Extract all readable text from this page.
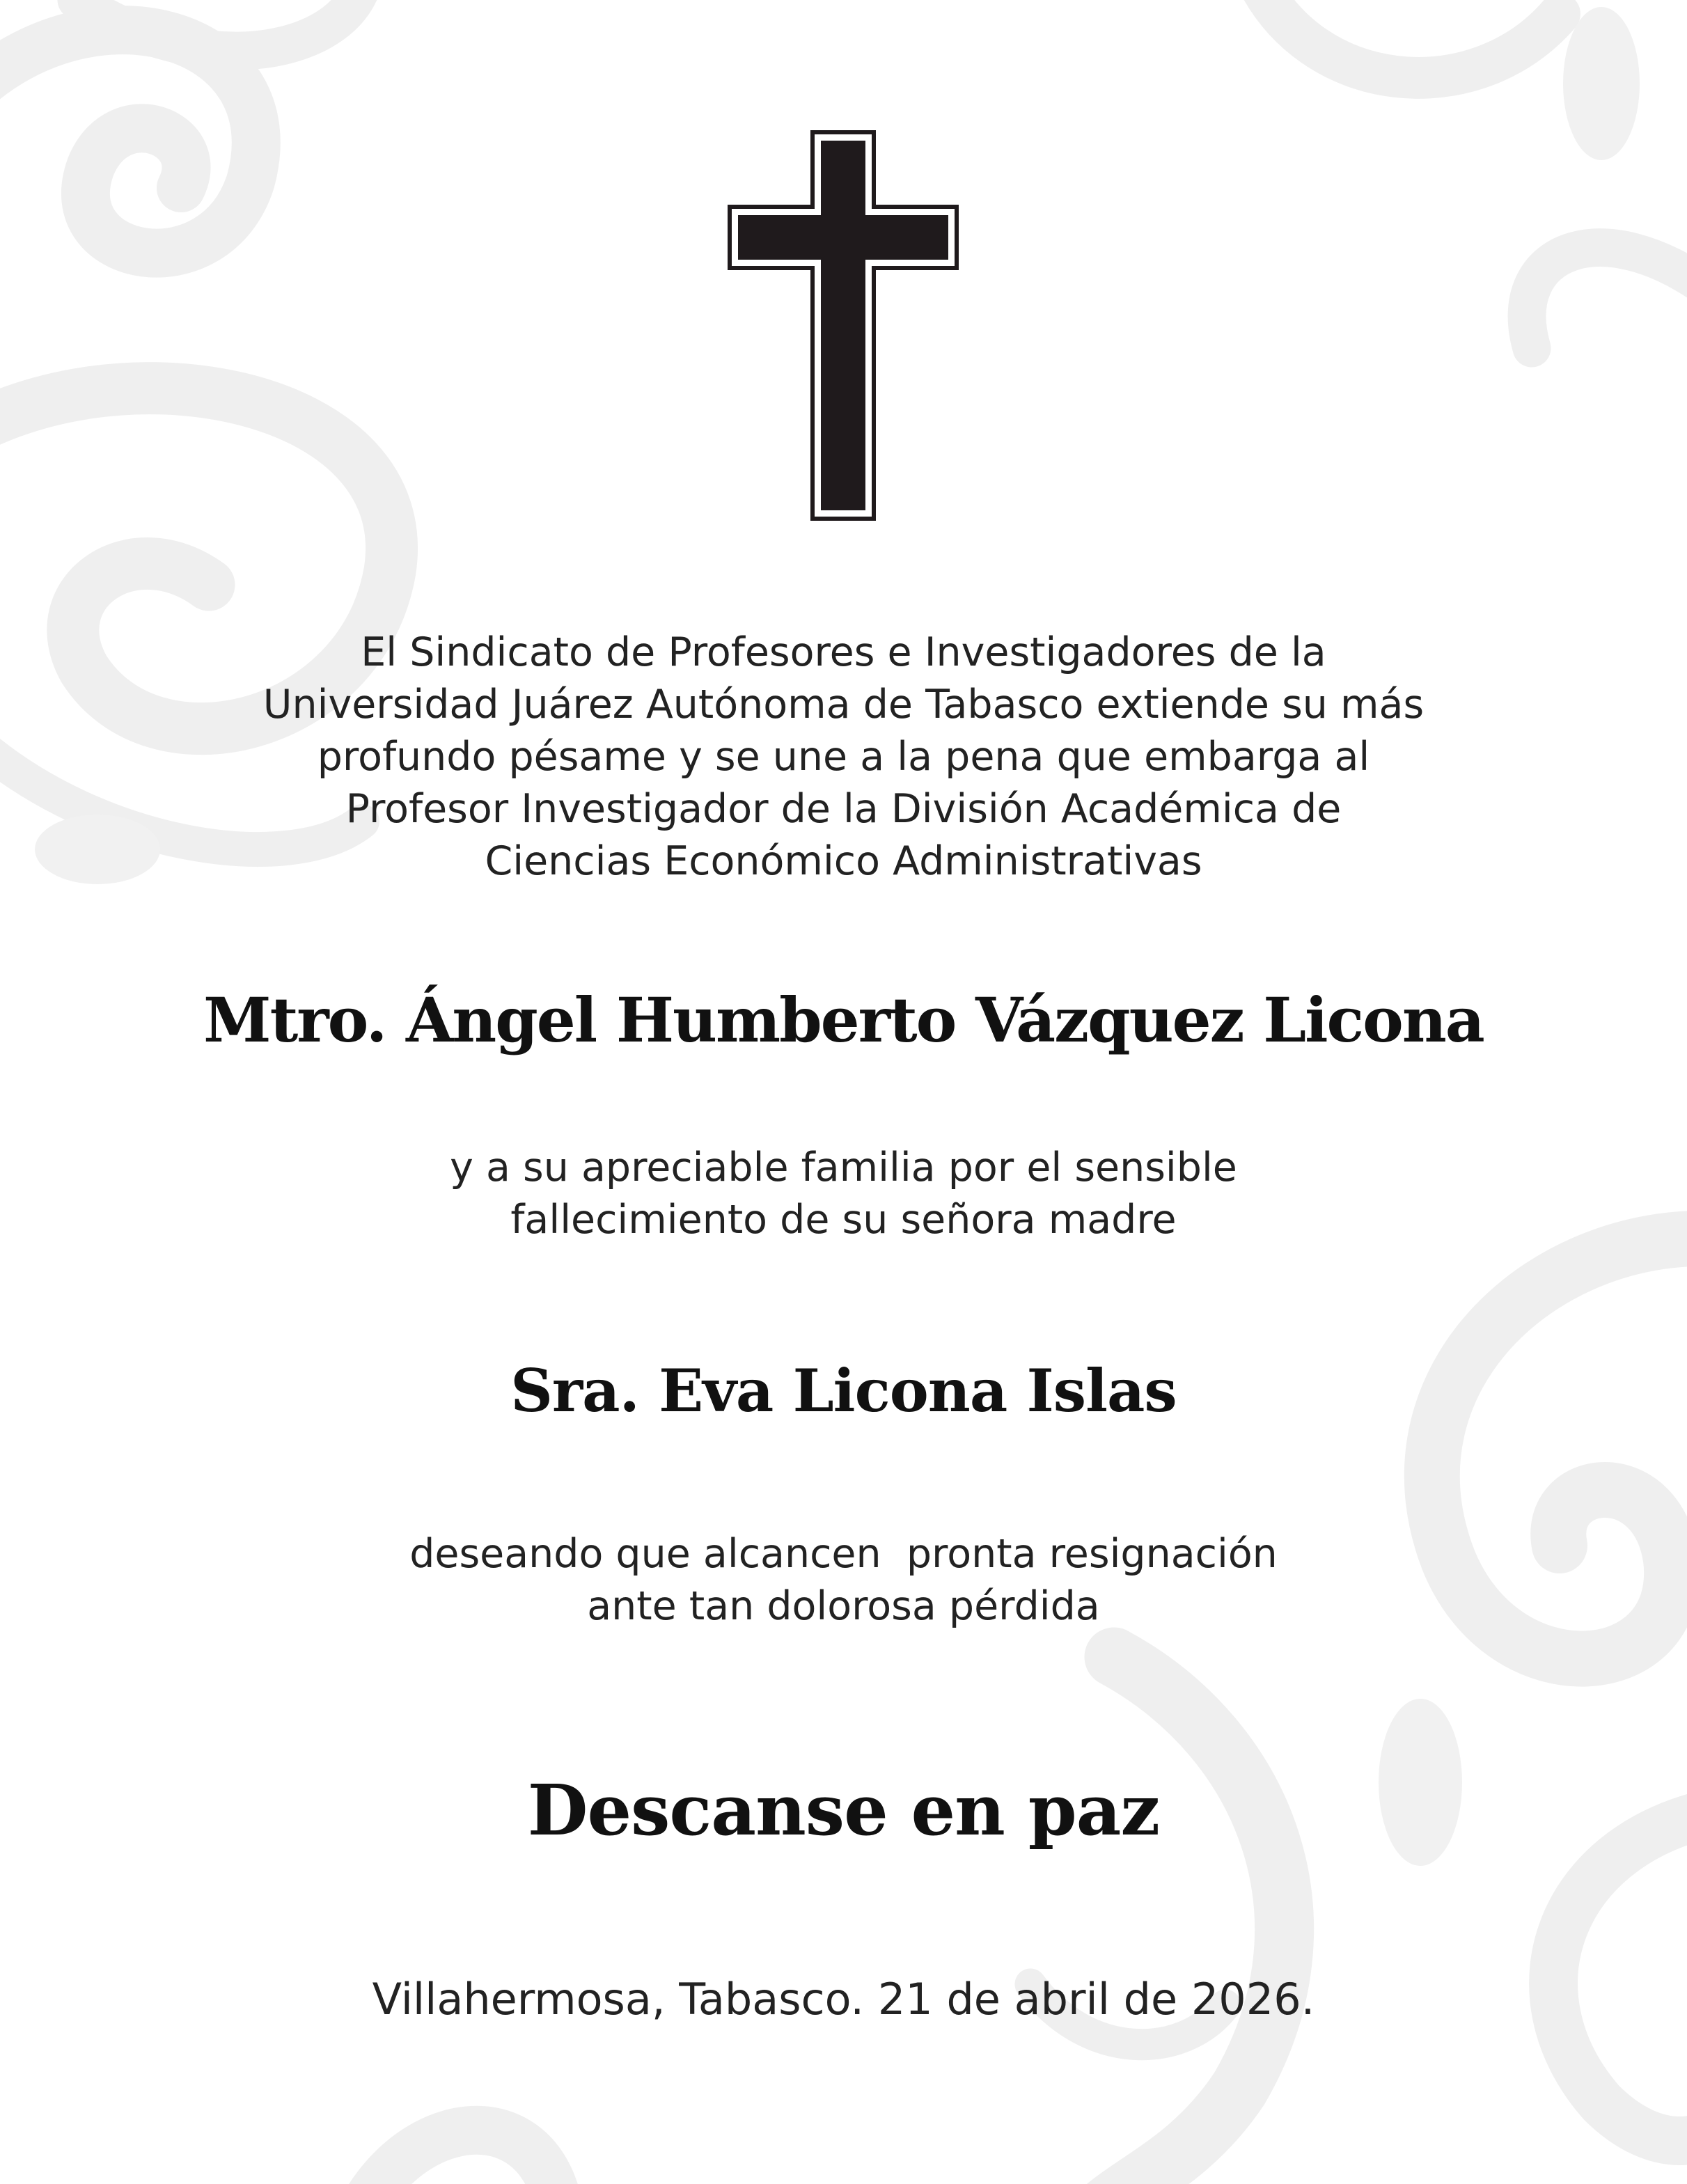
El Sindicato de Profesores e Investigadores de la
Universidad Juárez Autónoma de Tabasco extiende su más
profundo pésame y se une a la pena que embarga al
Profesor Investigador de la División Académica de
Ciencias Económico Administrativas
Mtro. Ángel Humberto Vázquez Licona
y a su apreciable familia por el sensible
fallecimiento de su señora madre
Sra. Eva Licona Islas
deseando que alcancen  pronta resignación
ante tan dolorosa pérdida
Descanse en paz
Villahermosa, Tabasco. 21 de abril de 2026.
